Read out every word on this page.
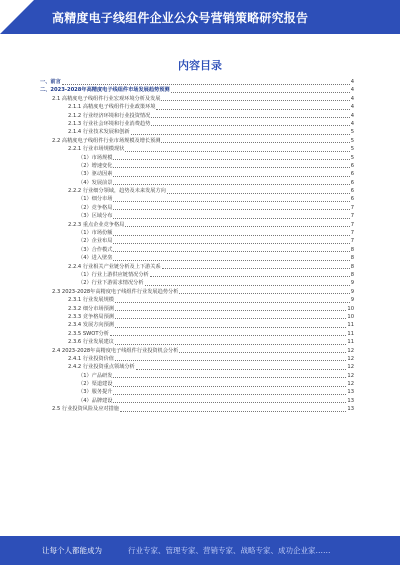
高精度电子线组件企业公众号营销策略研究报告
内容目录
一、前言	4
二、2023-2028年高精度电子线组件市场发展趋势预测	4
2.1 高精度电子线组件行业宏观环境分析及发展	4
2.1.1 高精度电子线组件行业政策环境	4
2.1.2 行业经济环境和行业投资情况	4
2.1.3 行业社会环境和行业消费趋势	4
2.1.4 行业技术发展和创新	5
2.2 高精度电子线组件行业市场规模及增长预测	5
2.2.1 行业市场规模现状	5
（1）市场规模	5
（2）增速变化	6
（3）驱动因素	6
（4）发展前景	6
2.2.2 行业细分领域，趋势及未来发展方向	6
（1）细分市场	6
（2）竞争格局	7
（3）区域分布	7
2.2.3 重点企业竞争格局	7
（1）市场份额	7
（2）企业布局	7
（3）合作模式	8
（4）进入壁垒	8
2.2.4 行业相关产业链分析及上下游关系	8
（1）行业上游供应链情况分析	8
（2）行业下游需求情况分析	9
2.3 2023-2028年高精度电子线组件行业发展趋势分析	9
2.3.1 行业发展规模	9
2.3.2 细分市场预测	10
2.3.3 竞争格局预测	10
2.3.4 发展方向预测	11
2.3.5 SWOT分析	11
2.3.6 行业发展建议	11
2.4 2023-2028年高精度电子线组件行业投资机会分析	12
2.4.1 行业投资价值	12
2.4.2 行业投资重点领域分析	12
（1）产品研发	12
（2）渠道建设	12
（3）服务提升	13
（4）品牌建设	13
2.5 行业投资风险及应对措施	13
让每个人都能成为	行业专家、管理专家、营销专家、战略专家、成功企业家……
